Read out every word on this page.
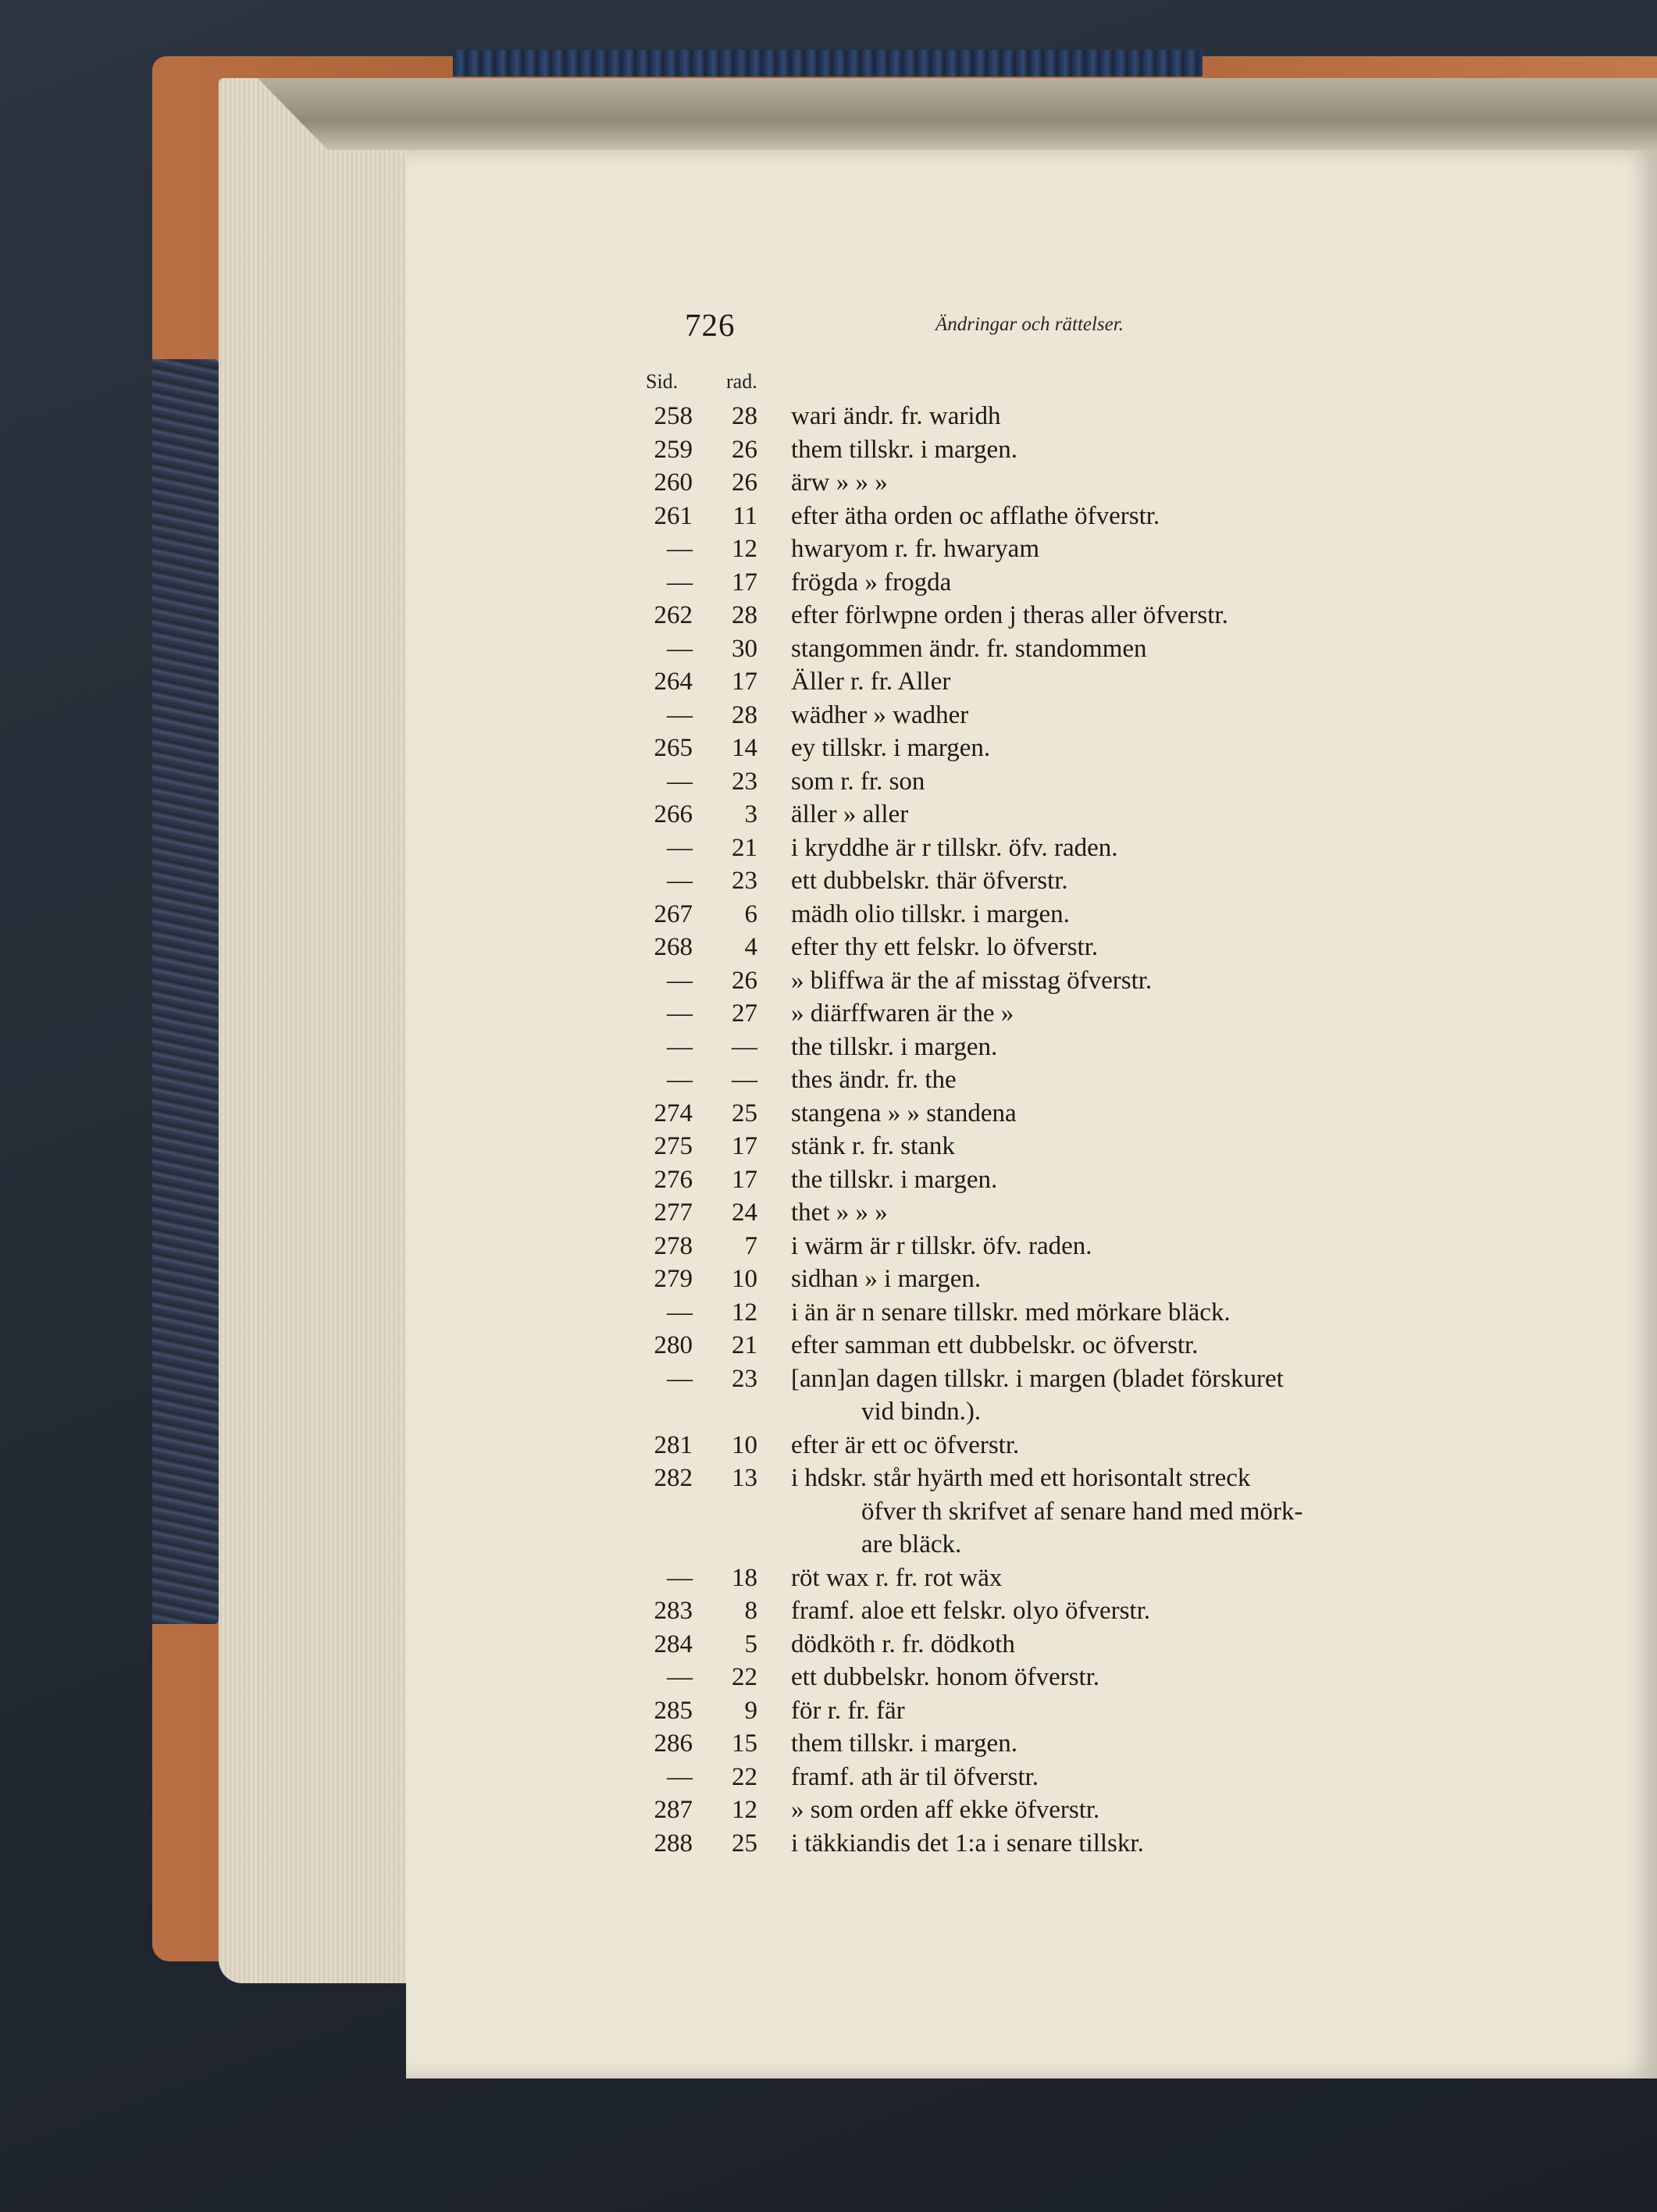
726	Ändringar och rättelser.
Sid. rad.
258	28 wari ändr. fr. waridh
259	26 them tillskr. i margen.
260	26 ärw » » »
261	11 efter ätha orden oc afflathe öfverstr.
—	12 hwaryom r. fr. hwaryam
—	17 frögda » frogda
262	28 efter förlwpne orden j theras aller öfverstr.
—	30 stangommen ändr. fr. standommen
264	17 Äller r. fr. Aller
—	28 wädher » wadher
265	14 ey tillskr. i margen.
—	23 som r. fr. son
266	3 äller » aller
—	21 i kryddhe är r tillskr. öfv. raden.
—	23 ett dubbelskr. thär öfverstr.
267	6 mädh olio tillskr. i margen.
268	4 efter thy ett felskr. lo öfverstr.
—	26 » bliffwa är the af misstag öfverstr.
—	27 » diärffwaren är the »
—	— the tillskr. i margen.
—	— thes ändr. fr. the
274	25 stangena » » standena
275	17 stänk r. fr. stank
276	17 the tillskr. i margen.
277	24 thet » » »
278	7 i wärm är r tillskr. öfv. raden.
279	10 sidhan » i margen.
—	12 i än är n senare tillskr. med mörkare bläck.
280	21 efter samman ett dubbelskr. oc öfverstr.
—	23 [ann]an dagen tillskr. i margen (bladet förskuret
vid bindn.).
281	10 efter är ett oc öfverstr.
282	13 i hdskr. står hyärth med ett horisontalt streck
öfver th skrifvet af senare hand med mörk-
are bläck.
—	18 röt wax r. fr. rot wäx
283	8 framf. aloe ett felskr. olyo öfverstr.
284	5 dödköth r. fr. dödkoth
—	22 ett dubbelskr. honom öfverstr.
285	9 för r. fr. fär
286	15 them tillskr. i margen.
—	22 framf. ath är til öfverstr.
287	12 » som orden aff ekke öfverstr.
288	25 i täkkiandis det 1:a i senare tillskr.
